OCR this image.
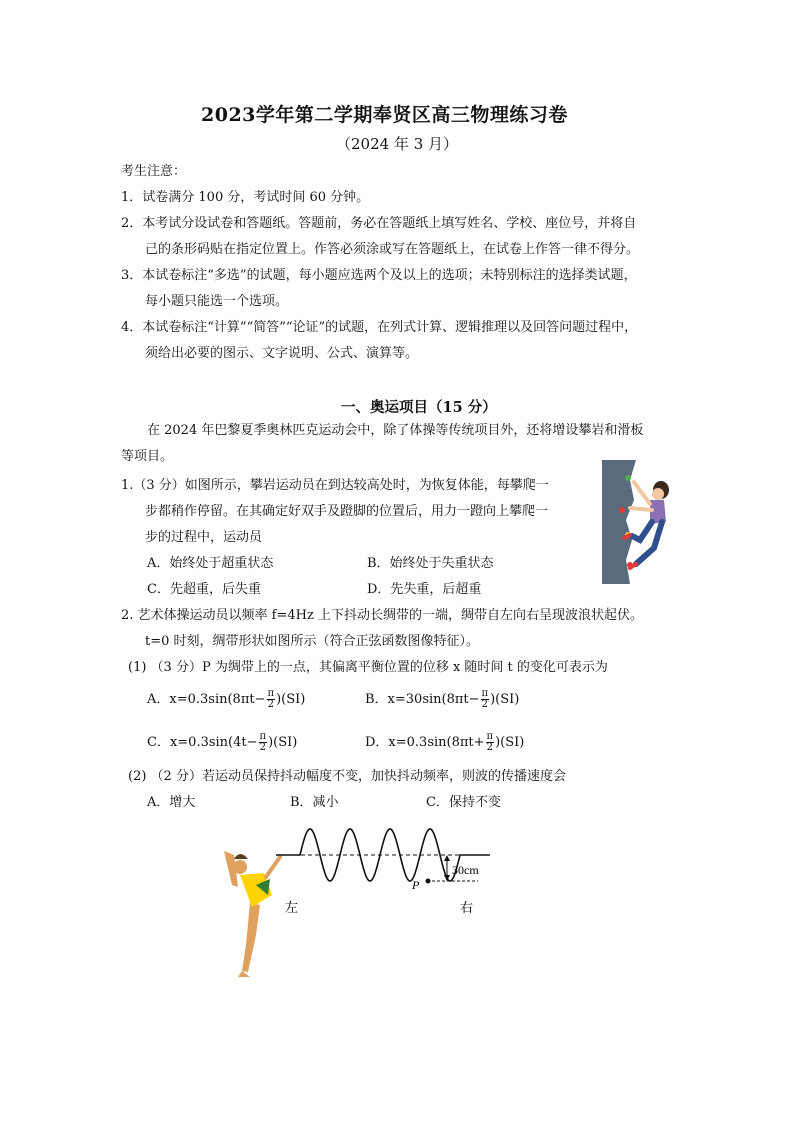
2023学年第二学期奉贤区高三物理练习卷
（2024 年 3 月）
考生注意：
1．试卷满分 100 分，考试时间 60 分钟。
2．本考试分设试卷和答题纸。答题前，务必在答题纸上填写姓名、学校、座位号，并将自
己的条形码贴在指定位置上。作答必须涂或写在答题纸上，在试卷上作答一律不得分。
3．本试卷标注“多选”的试题，每小题应选两个及以上的选项；未特别标注的选择类试题，
每小题只能选一个选项。
4．本试卷标注“计算”“简答”“论证”的试题，在列式计算、逻辑推理以及回答问题过程中，
须给出必要的图示、文字说明、公式、演算等。
一、奥运项目（15 分）
在 2024 年巴黎夏季奥林匹克运动会中，除了体操等传统项目外，还将增设攀岩和滑板
等项目。
1.（3 分）如图所示，攀岩运动员在到达较高处时，为恢复体能，每攀爬一
步都稍作停留。在其确定好双手及蹬脚的位置后，用力一蹬向上攀爬一
步的过程中，运动员
A．始终处于超重状态	B．始终处于失重状态
C．先超重，后失重	D．先失重，后超重
2. 艺术体操运动员以频率 f=4Hz 上下抖动长绸带的一端，绸带自左向右呈现波浪状起伏。
t=0 时刻，绸带形状如图所示（符合正弦函数图像特征）。
(1) （3 分）P 为绸带上的一点，其偏离平衡位置的位移 x 随时间 t 的变化可表示为
A．$x=0.3\sin(8\pi t- \frac{\pi}{2} )(SI)$	B．$x=30\sin(8\pi t- \frac{\pi}{2} )(SI)$
C．$x=0.3\sin(4t- \frac{\pi}{2} )(SI)$	D．$x=0.3\sin(8\pi t+ \frac{\pi}{2} )(SI)$
(2) （2 分）若运动员保持抖动幅度不变，加快抖动频率，则波的传播速度会
A．增大	B．减小	C．保持不变
P
30cm
左	右
